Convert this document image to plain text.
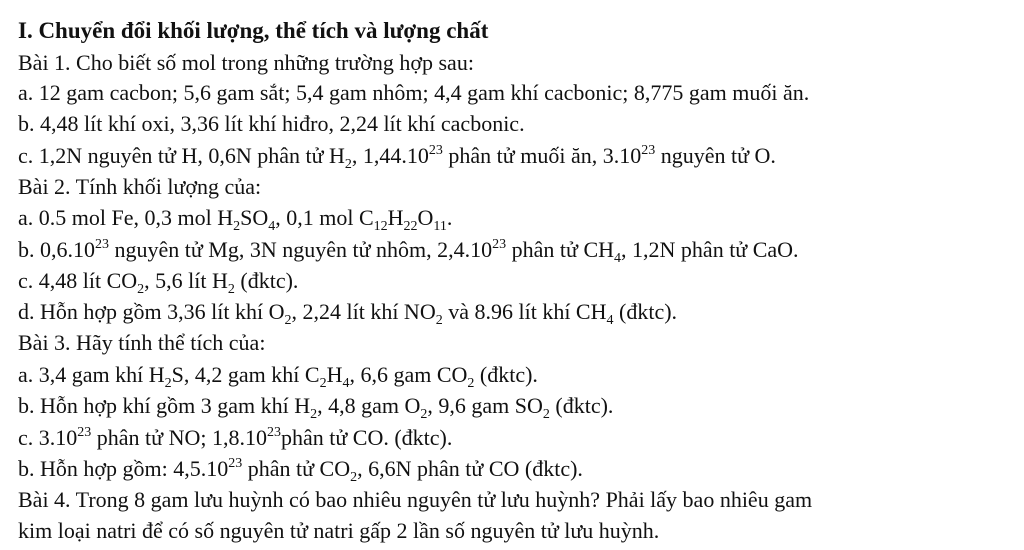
I. Chuyển đổi khối lượng, thể tích và lượng chất
Bài 1. Cho biết số mol trong những trường hợp sau:
a. 12 gam cacbon; 5,6 gam sắt; 5,4 gam nhôm; 4,4 gam khí cacbonic; 8,775 gam muối ăn.
b. 4,48 lít khí oxi, 3,36 lít khí hiđro, 2,24 lít khí cacbonic.
c. 1,2N nguyên tử H, 0,6N phân tử $H_2$, 1,44.10$^{23}$ phân tử muối ăn, 3.10$^{23}$ nguyên tử O.
Bài 2. Tính khối lượng của:
a. 0.5 mol Fe, 0,3 mol $H_2SO_4$, 0,1 mol $C_{12}H_{22}O_{11}$.
b. 0,6.10$^{23}$ nguyên tử Mg, 3N nguyên tử nhôm, 2,4.10$^{23}$ phân tử $CH_4$, 1,2N phân tử CaO.
c. 4,48 lít $CO_2$, 5,6 lít $H_2$ (đktc).
d. Hỗn hợp gồm 3,36 lít khí $O_2$, 2,24 lít khí $NO_2$ và 8.96 lít khí $CH_4$ (đktc).
Bài 3. Hãy tính thể tích của:
a. 3,4 gam khí $H_2S$, 4,2 gam khí $C_2H_4$, 6,6 gam $CO_2$ (đktc).
b. Hỗn hợp khí gồm 3 gam khí $H_2$, 4,8 gam $O_2$, 9,6 gam $SO_2$ (đktc).
c. 3.10$^{23}$ phân tử NO; 1,8.10$^{23}$phân tử CO. (đktc).
b. Hỗn hợp gồm: 4,5.10$^{23}$ phân tử $CO_2$, 6,6N phân tử CO (đktc).
Bài 4. Trong 8 gam lưu huỳnh có bao nhiêu nguyên tử lưu huỳnh? Phải lấy bao nhiêu gam
kim loại natri để có số nguyên tử natri gấp 2 lần số nguyên tử lưu huỳnh.
